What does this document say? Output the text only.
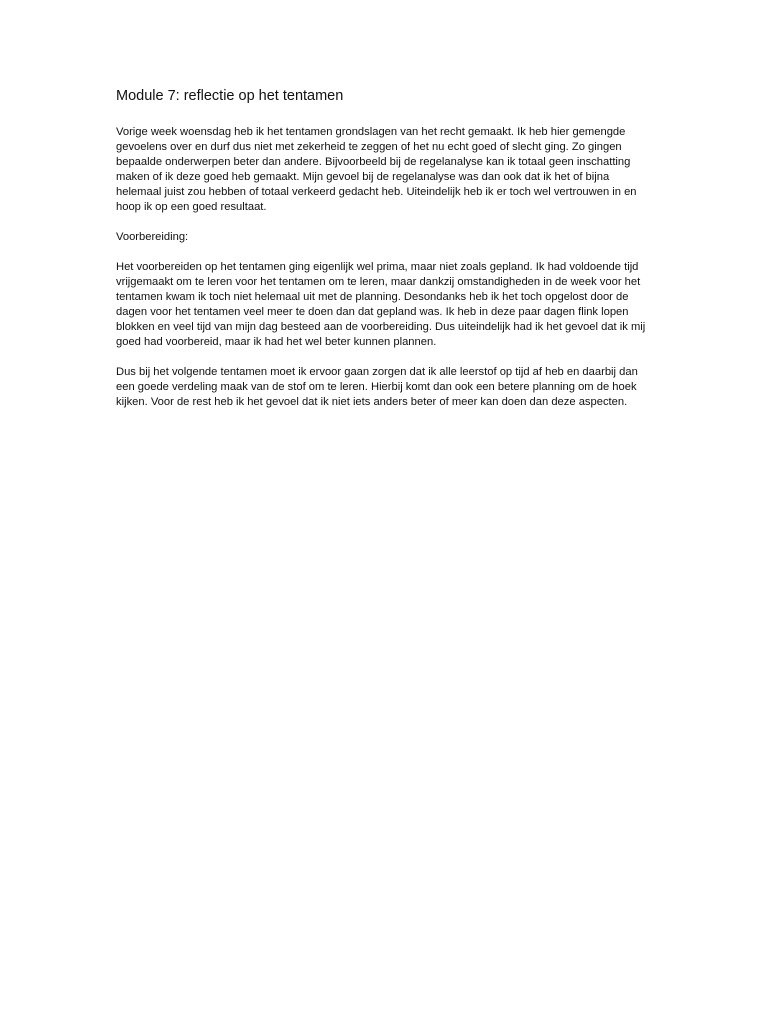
Module 7: reflectie op het tentamen

Vorige week woensdag heb ik het tentamen grondslagen van het recht gemaakt. Ik heb hier gemengde gevoelens over en durf dus niet met zekerheid te zeggen of het nu echt goed of slecht ging. Zo gingen bepaalde onderwerpen beter dan andere. Bijvoorbeeld bij de regelanalyse kan ik totaal geen inschatting maken of ik deze goed heb gemaakt. Mijn gevoel bij de regelanalyse was dan ook dat ik het of bijna helemaal juist zou hebben of totaal verkeerd gedacht heb. Uiteindelijk heb ik er toch wel vertrouwen in en hoop ik op een goed resultaat.

Voorbereiding:

Het voorbereiden op het tentamen ging eigenlijk wel prima, maar niet zoals gepland. Ik had voldoende tijd vrijgemaakt om te leren voor het tentamen om te leren, maar dankzij omstandigheden in de week voor het tentamen kwam ik toch niet helemaal uit met de planning. Desondanks heb ik het toch opgelost door de dagen voor het tentamen veel meer te doen dan dat gepland was. Ik heb in deze paar dagen flink lopen blokken en veel tijd van mijn dag besteed aan de voorbereiding. Dus uiteindelijk had ik het gevoel dat ik mij goed had voorbereid, maar ik had het wel beter kunnen plannen.

Dus bij het volgende tentamen moet ik ervoor gaan zorgen dat ik alle leerstof op tijd af heb en daarbij dan een goede verdeling maak van de stof om te leren. Hierbij komt dan ook een betere planning om de hoek kijken. Voor de rest heb ik het gevoel dat ik niet iets anders beter of meer kan doen dan deze aspecten.
